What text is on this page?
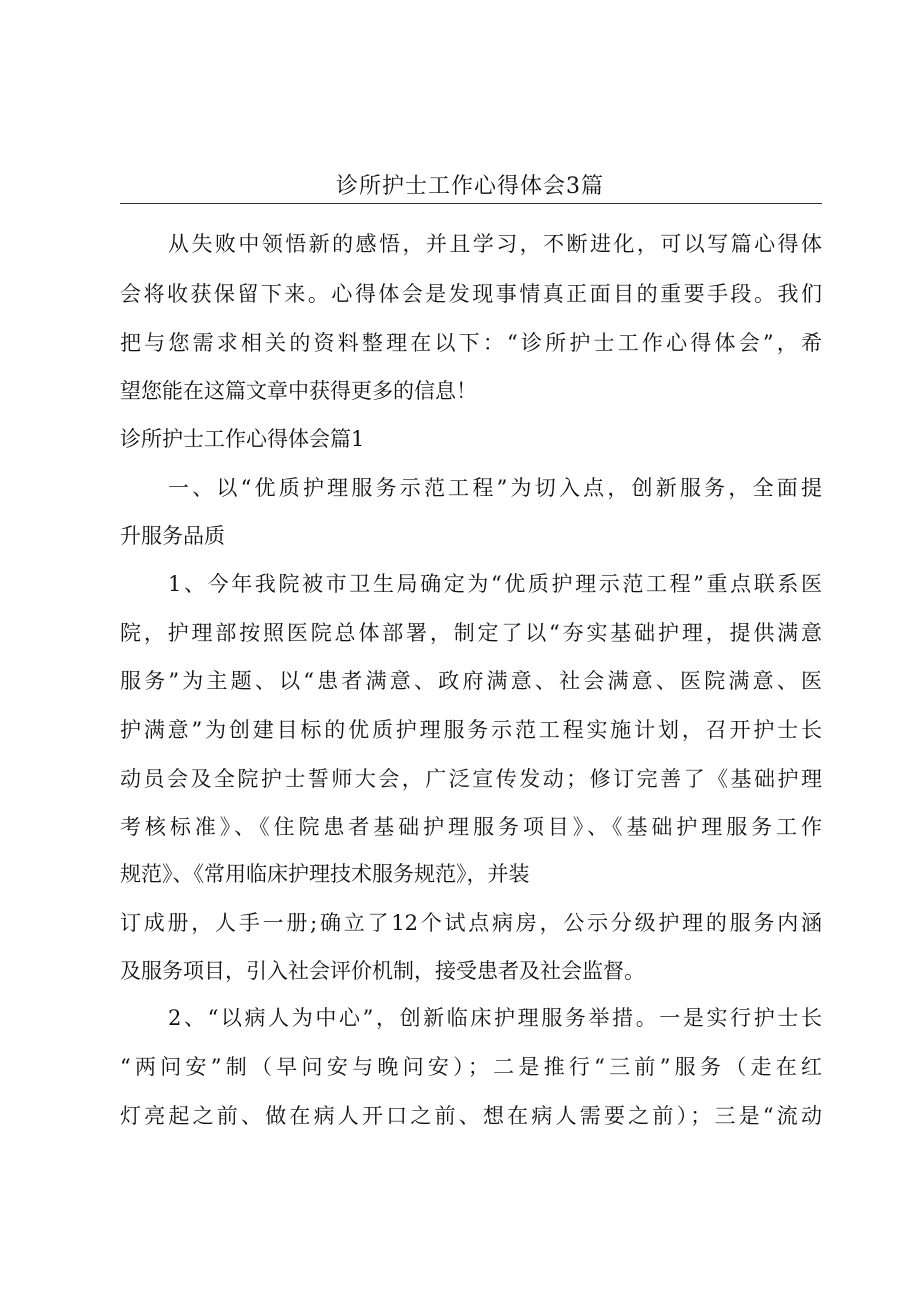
诊所护士工作心得体会3篇

从失败中领悟新的感悟，并且学习，不断进化，可以写篇心得体

会将收获保留下来。心得体会是发现事情真正面目的重要手段。我们

把与您需求相关的资料整理在以下：“诊所护士工作心得体会”，希

望您能在这篇文章中获得更多的信息！

诊所护士工作心得体会篇1

一、以“优质护理服务示范工程”为切入点，创新服务，全面提

升服务品质

1、今年我院被市卫生局确定为“优质护理示范工程”重点联系医

院，护理部按照医院总体部署，制定了以“夯实基础护理，提供满意

服务”为主题、以“患者满意、政府满意、社会满意、医院满意、医

护满意”为创建目标的优质护理服务示范工程实施计划，召开护士长

动员会及全院护士誓师大会，广泛宣传发动；修订完善了《基础护理

考核标准》、《住院患者基础护理服务项目》、《基础护理服务工作

规范》、《常用临床护理技术服务规范》，并装

订成册，人手一册;确立了12个试点病房，公示分级护理的服务内涵

及服务项目，引入社会评价机制，接受患者及社会监督。

2、“以病人为中心”，创新临床护理服务举措。一是实行护士长

“两问安”制（早问安与晚问安）；二是推行“三前”服务（走在红

灯亮起之前、做在病人开口之前、想在病人需要之前）；三是“流动
